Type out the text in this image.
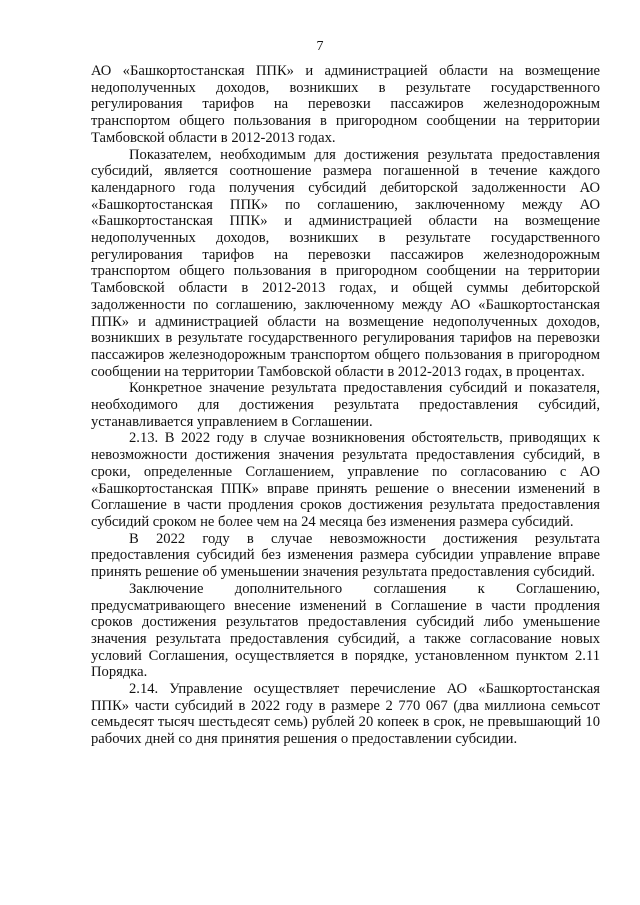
7

АО «Башкортостанская ППК» и администрацией области на возмещение недополученных доходов, возникших в результате государственного регулирования тарифов на перевозки пассажиров железнодорожным транспортом общего пользования в пригородном сообщении на территории Тамбовской области в 2012-2013 годах.

Показателем, необходимым для достижения результата предоставления субсидий, является соотношение размера погашенной в течение каждого календарного года получения субсидий дебиторской задолженности АО «Башкортостанская ППК» по соглашению, заключенному между АО «Башкортостанская ППК» и администрацией области на возмещение недополученных доходов, возникших в результате государственного регулирования тарифов на перевозки пассажиров железнодорожным транспортом общего пользования в пригородном сообщении на территории Тамбовской области в 2012-2013 годах, и общей суммы дебиторской задолженности по соглашению, заключенному между АО «Башкортостанская ППК» и администрацией области на возмещение недополученных доходов, возникших в результате государственного регулирования тарифов на перевозки пассажиров железнодорожным транспортом общего пользования в пригородном сообщении на территории Тамбовской области в 2012-2013 годах, в процентах.

Конкретное значение результата предоставления субсидий и показателя, необходимого для достижения результата предоставления субсидий, устанавливается управлением в Соглашении.

2.13. В 2022 году в случае возникновения обстоятельств, приводящих к невозможности достижения значения результата предоставления субсидий, в сроки, определенные Соглашением, управление по согласованию с АО «Башкортостанская ППК» вправе принять решение о внесении изменений в Соглашение в части продления сроков достижения результата предоставления субсидий сроком не более чем на 24 месяца без изменения размера субсидий.

В 2022 году в случае невозможности достижения результата предоставления субсидий без изменения размера субсидии управление вправе принять решение об уменьшении значения результата предоставления субсидий.

Заключение дополнительного соглашения к Соглашению, предусматривающего внесение изменений в Соглашение в части продления сроков достижения результатов предоставления субсидий либо уменьшение значения результата предоставления субсидий, а также согласование новых условий Соглашения, осуществляется в порядке, установленном пунктом 2.11 Порядка.

2.14. Управление осуществляет перечисление АО «Башкортостанская ППК» части субсидий в 2022 году в размере 2 770 067 (два миллиона семьсот семьдесят тысяч шестьдесят семь) рублей 20 копеек в срок, не превышающий 10 рабочих дней со дня принятия решения о предоставлении субсидии.
